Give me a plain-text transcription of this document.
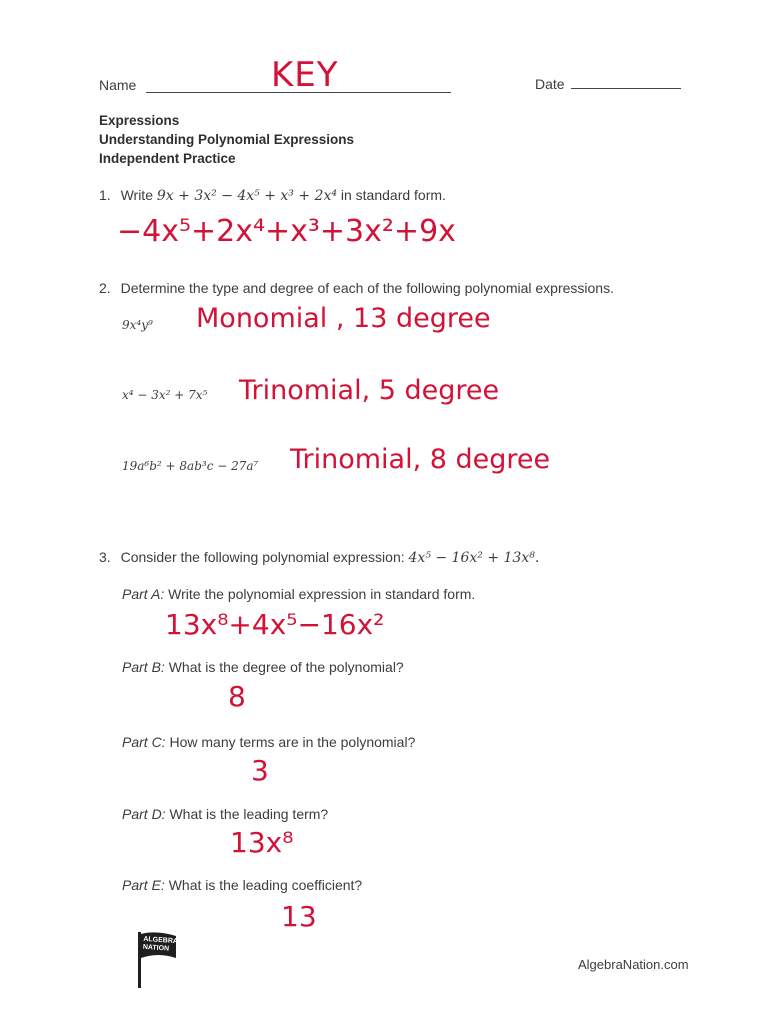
Name	KEY	Date
Expressions
Understanding Polynomial Expressions
Independent Practice
1. Write 9x + 3x² − 4x⁵ + x³ + 2x⁴ in standard form.
−4x⁵+2x⁴+x³+3x²+9x
2. Determine the type and degree of each of the following polynomial expressions.
9x⁴y⁹ Monomial , 13 degree
x⁴ − 3x² + 7x⁵ Trinomial, 5 degree
19a⁶b² + 8ab³c − 27a⁷ Trinomial, 8 degree
3. Consider the following polynomial expression: 4x⁵ − 16x² + 13x⁸.
Part A: Write the polynomial expression in standard form.
13x⁸+4x⁵−16x²
Part B: What is the degree of the polynomial?
8
Part C: How many terms are in the polynomial?
3
Part D: What is the leading term?
13x⁸
Part E: What is the leading coefficient?
13
ALGEBRA
NATION
AlgebraNation.com
